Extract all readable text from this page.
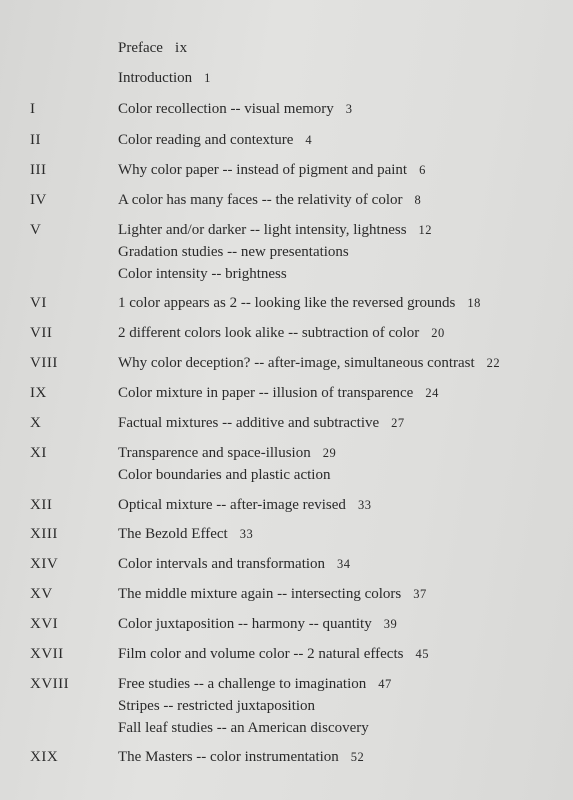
Preface ix
Introduction 1
I	Color recollection -- visual memory 3
II	Color reading and contexture 4
III	Why color paper -- instead of pigment and paint 6
IV	A color has many faces -- the relativity of color 8
V	Lighter and/or darker -- light intensity, lightness 12
Gradation studies -- new presentations
Color intensity -- brightness
VI	1 color appears as 2 -- looking like the reversed grounds 18
VII	2 different colors look alike -- subtraction of color 20
VIII	Why color deception? -- after-image, simultaneous contrast 22
IX	Color mixture in paper -- illusion of transparence 24
X	Factual mixtures -- additive and subtractive 27
XI	Transparence and space-illusion 29
Color boundaries and plastic action
XII	Optical mixture -- after-image revised 33
XIII	The Bezold Effect 33
XIV	Color intervals and transformation 34
XV	The middle mixture again -- intersecting colors 37
XVI	Color juxtaposition -- harmony -- quantity 39
XVII	Film color and volume color -- 2 natural effects 45
XVIII	Free studies -- a challenge to imagination 47
Stripes -- restricted juxtaposition
Fall leaf studies -- an American discovery
XIX	The Masters -- color instrumentation 52
